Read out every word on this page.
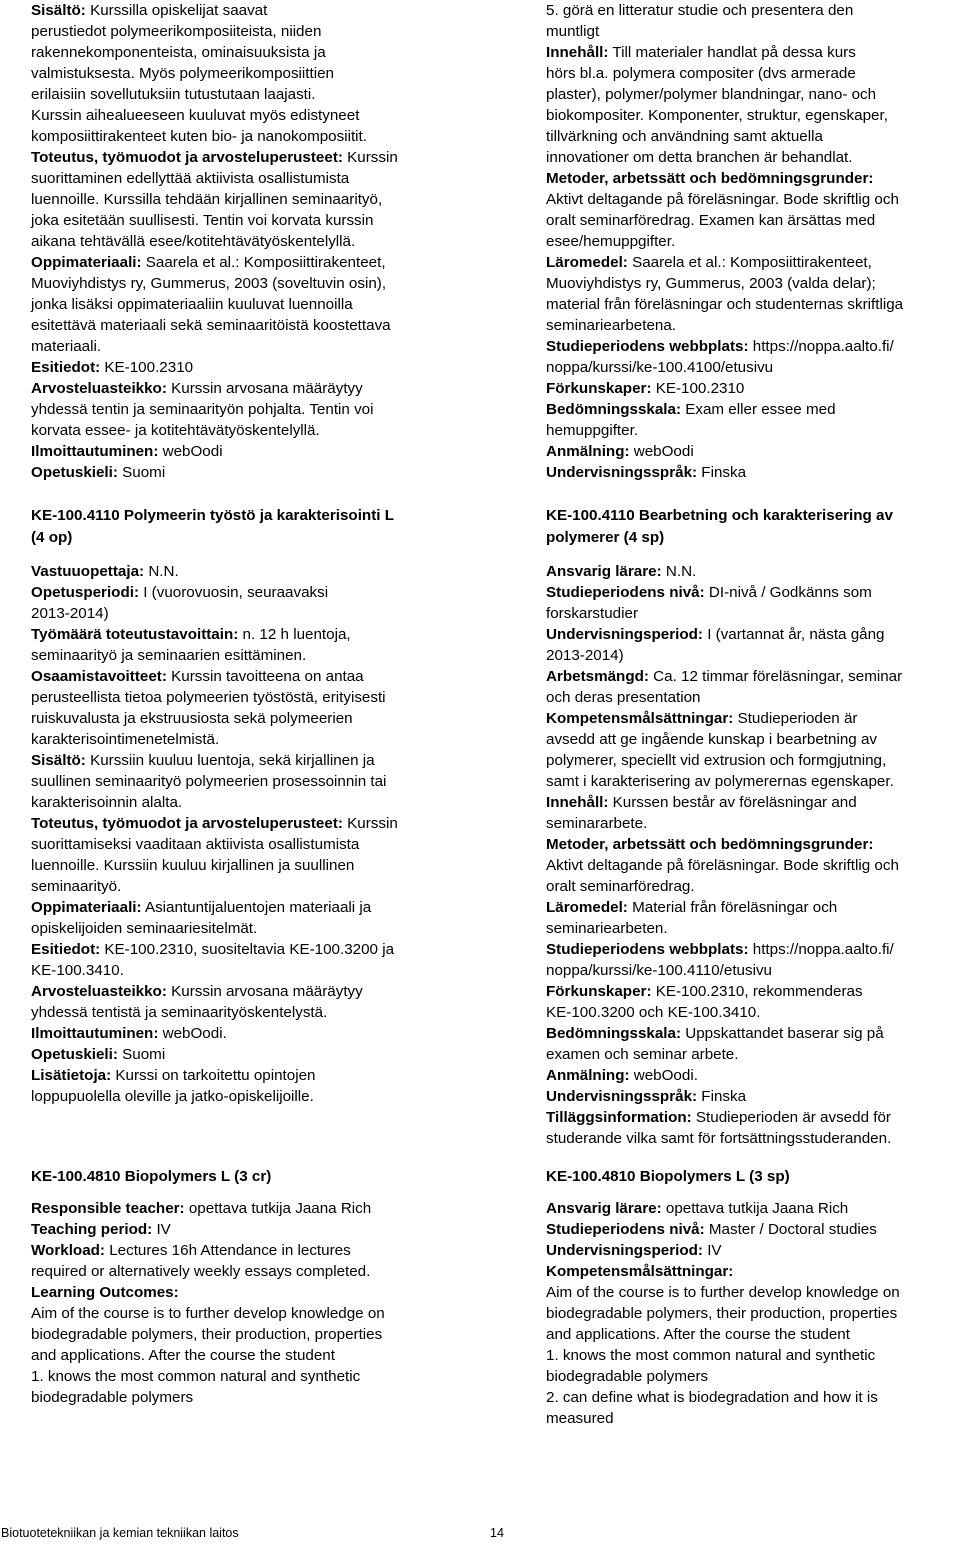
Sisältö: Kurssilla opiskelijat saavat

perustiedot polymeerikomposiiteista, niiden

rakennekomponenteista, ominaisuuksista ja

valmistuksesta. Myös polymeerikomposiittien

erilaisiin sovellutuksiin tutustutaan laajasti.

Kurssin aihealueeseen kuuluvat myös edistyneet

komposiittirakenteet kuten bio- ja nanokomposiitit.

Toteutus, työmuodot ja arvosteluperusteet: Kurssin

suorittaminen edellyttää aktiivista osallistumista

luennoille. Kurssilla tehdään kirjallinen seminaarityö,

joka esitetään suullisesti. Tentin voi korvata kurssin

aikana tehtävällä esee/kotitehtävätyöskentelyllä.

Oppimateriaali: Saarela et al.: Komposiittirakenteet,

Muoviyhdistys ry, Gummerus, 2003 (soveltuvin osin),

jonka lisäksi oppimateriaaliin kuuluvat luennoilla

esitettävä materiaali sekä seminaaritöistä koostettava

materiaali.

Esitiedot: KE-100.2310

Arvosteluasteikko: Kurssin arvosana määräytyy

yhdessä tentin ja seminaarityön pohjalta. Tentin voi

korvata essee- ja kotitehtävätyöskentelyllä.

Ilmoittautuminen: webOodi

Opetuskieli: Suomi

KE-100.4110 Polymeerin työstö ja karakterisointi L

(4 op)

Vastuuopettaja: N.N.

Opetusperiodi: I (vuorovuosin, seuraavaksi

2013-2014)

Työmäärä toteutustavoittain: n. 12 h luentoja,

seminaarityö ja seminaarien esittäminen.

Osaamistavoitteet: Kurssin tavoitteena on antaa

perusteellista tietoa polymeerien työstöstä, erityisesti

ruiskuvalusta ja ekstruusiosta sekä polymeerien

karakterisointimenetelmistä.

Sisältö: Kurssiin kuuluu luentoja, sekä kirjallinen ja

suullinen seminaarityö polymeerien prosessoinnin tai

karakterisoinnin alalta.

Toteutus, työmuodot ja arvosteluperusteet: Kurssin

suorittamiseksi vaaditaan aktiivista osallistumista

luennoille. Kurssiin kuuluu kirjallinen ja suullinen

seminaarityö.

Oppimateriaali: Asiantuntijaluentojen materiaali ja

opiskelijoiden seminaariesitelmät.

Esitiedot: KE-100.2310, suositeltavia KE-100.3200 ja

KE-100.3410.

Arvosteluasteikko: Kurssin arvosana määräytyy

yhdessä tentistä ja seminaarityöskentelystä.

Ilmoittautuminen: webOodi.

Opetuskieli: Suomi

Lisätietoja: Kurssi on tarkoitettu opintojen

loppupuolella oleville ja jatko-opiskelijoille.

KE-100.4810 Biopolymers L (3 cr)

Responsible teacher: opettava tutkija Jaana Rich

Teaching period: IV

Workload: Lectures 16h Attendance in lectures

required or alternatively weekly essays completed.

Learning Outcomes:

Aim of the course is to further develop knowledge on

biodegradable polymers, their production, properties

and applications. After the course the student

1. knows the most common natural and synthetic

biodegradable polymers

5. görä en litteratur studie och presentera den

muntligt

Innehåll: Till materialer handlat på dessa kurs

hörs bl.a. polymera compositer (dvs armerade

plaster), polymer/polymer blandningar, nano- och

biokompositer. Komponenter, struktur, egenskaper,

tillvärkning och användning samt aktuella

innovationer om detta branchen är behandlat.

Metoder, arbetssätt och bedömningsgrunder:

Aktivt deltagande på föreläsningar. Bode skriftlig och

oralt seminarföredrag. Examen kan ärsättas med

esee/hemuppgifter.

Läromedel: Saarela et al.: Komposiittirakenteet,

Muoviyhdistys ry, Gummerus, 2003 (valda delar);

material från föreläsningar och studenternas skriftliga

seminariearbetena.

Studieperiodens webbplats: https://noppa.aalto.fi/

noppa/kurssi/ke-100.4100/etusivu

Förkunskaper: KE-100.2310

Bedömningsskala: Exam eller essee med

hemuppgifter.

Anmälning: webOodi

Undervisningsspråk: Finska

KE-100.4110 Bearbetning och karakterisering av

polymerer (4 sp)

Ansvarig lärare: N.N.

Studieperiodens nivå: DI-nivå / Godkänns som

forskarstudier

Undervisningsperiod: I (vartannat år, nästa gång

2013-2014)

Arbetsmängd: Ca. 12 timmar föreläsningar, seminar

och deras presentation

Kompetensmålsättningar: Studieperioden är

avsedd att ge ingående kunskap i bearbetning av

polymerer, speciellt vid extrusion och formgjutning,

samt i karakterisering av polymerernas egenskaper.

Innehåll: Kurssen består av föreläsningar and

seminararbete.

Metoder, arbetssätt och bedömningsgrunder:

Aktivt deltagande på föreläsningar. Bode skriftlig och

oralt seminarföredrag.

Läromedel: Material från föreläsningar och

seminariearbeten.

Studieperiodens webbplats: https://noppa.aalto.fi/

noppa/kurssi/ke-100.4110/etusivu

Förkunskaper: KE-100.2310, rekommenderas

KE-100.3200 och KE-100.3410.

Bedömningsskala: Uppskattandet baserar sig på

examen och seminar arbete.

Anmälning: webOodi.

Undervisningsspråk: Finska

Tilläggsinformation: Studieperioden är avsedd för

studerande vilka samt för fortsättningsstuderanden.

KE-100.4810 Biopolymers L (3 sp)

Ansvarig lärare: opettava tutkija Jaana Rich

Studieperiodens nivå: Master / Doctoral studies

Undervisningsperiod: IV

Kompetensmålsättningar:

Aim of the course is to further develop knowledge on

biodegradable polymers, their production, properties

and applications. After the course the student

1. knows the most common natural and synthetic

biodegradable polymers

2. can define what is biodegradation and how it is

measured

Biotuotetekniikan ja kemian tekniikan laitos	14
